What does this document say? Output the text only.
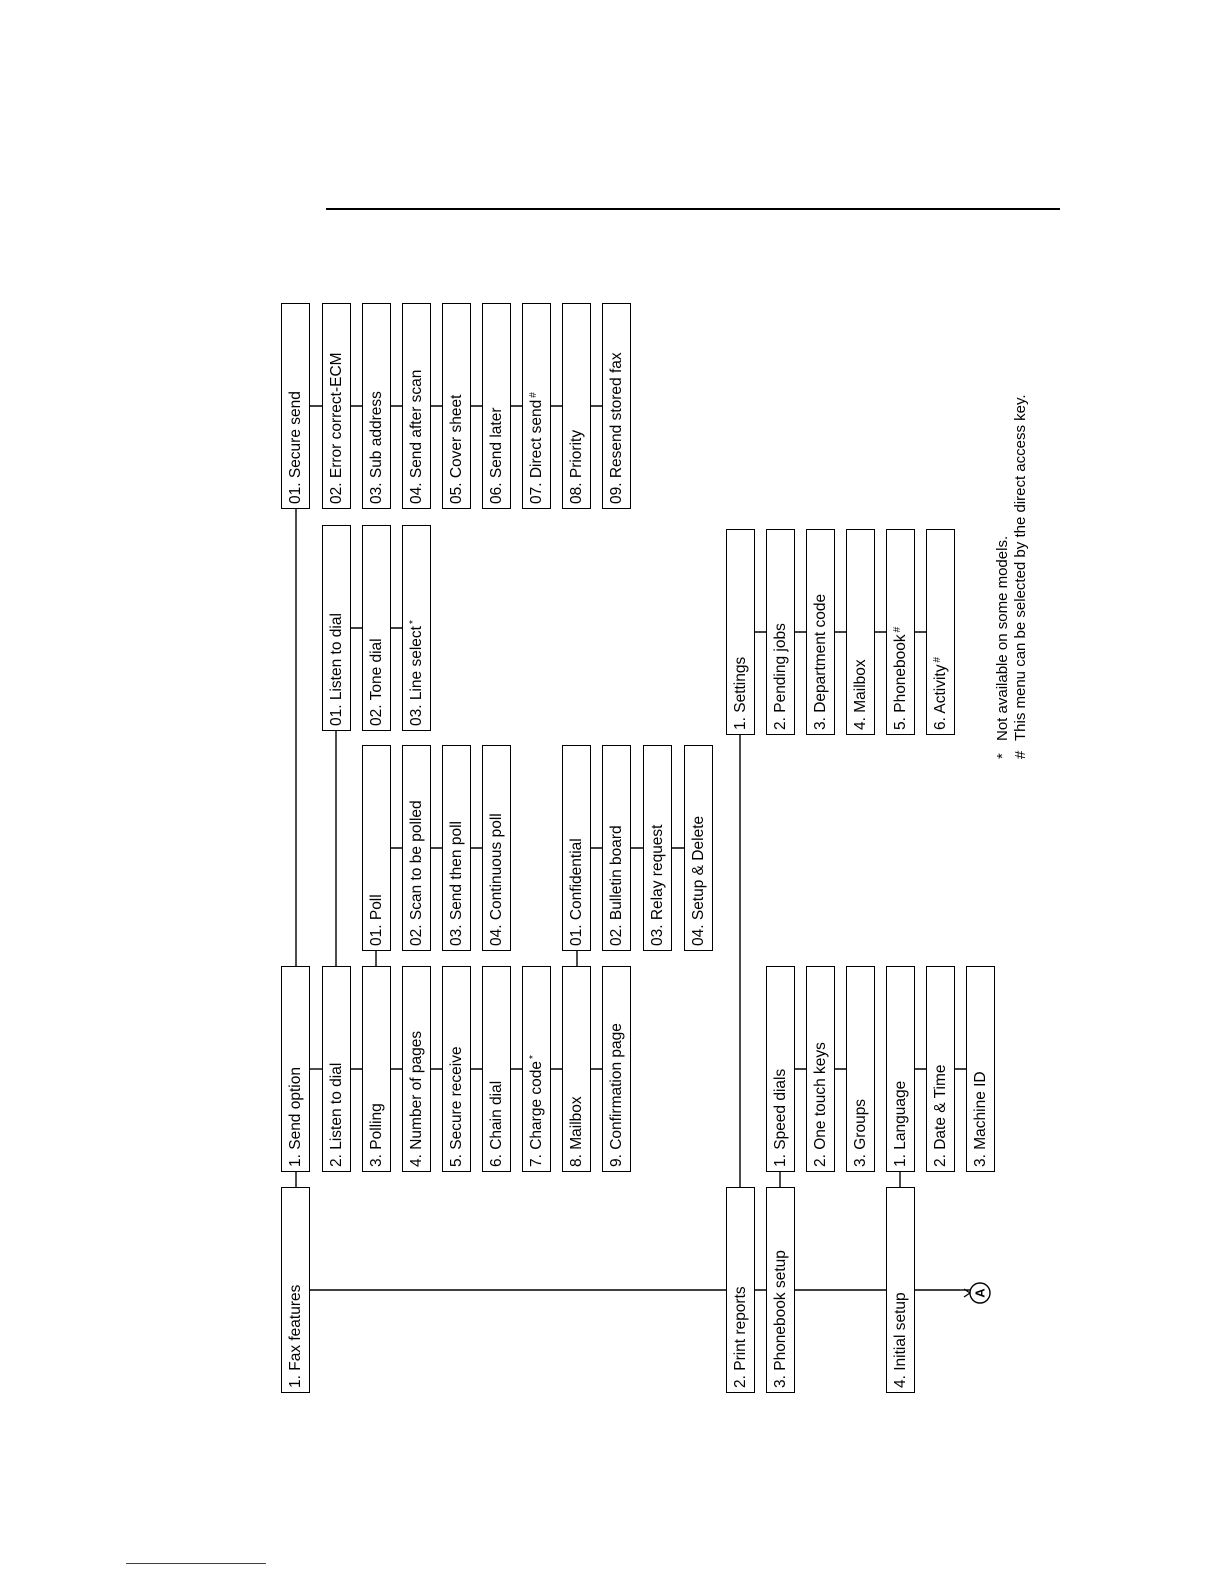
1. Fax features
1. Send option 2. Listen to dial 3. Polling 4. Number of pages 5. Secure receive 6. Chain dial 7. Charge code*
8. Mailbox 9. Confirmation page
01. Poll 02. Scan to be polled 03. Send then poll 04. Continuous poll	01. Confidential 02. Bulletin board 03. Relay request 04. Setup & Delete
01. Listen to dial 02. Tone dial 03. Line select*
01. Secure send 02. Error correct-ECM 03. Sub address 04. Send after scan 05. Cover sheet 06. Send later 07. Direct send#
08. Priority 09. Resend stored fax
2. Print reports
1. Settings 2. Pending jobs 3. Department code 4. Mailbox 5. Phonebook#
6. Activity#
3. Phonebook setup
1. Speed dials 2. One touch keys 3. Groups
4. Initial setup
1. Language 2. Date & Time 3. Machine ID
A
*Not available on some models.
#This menu can be selected by the direct access key.
